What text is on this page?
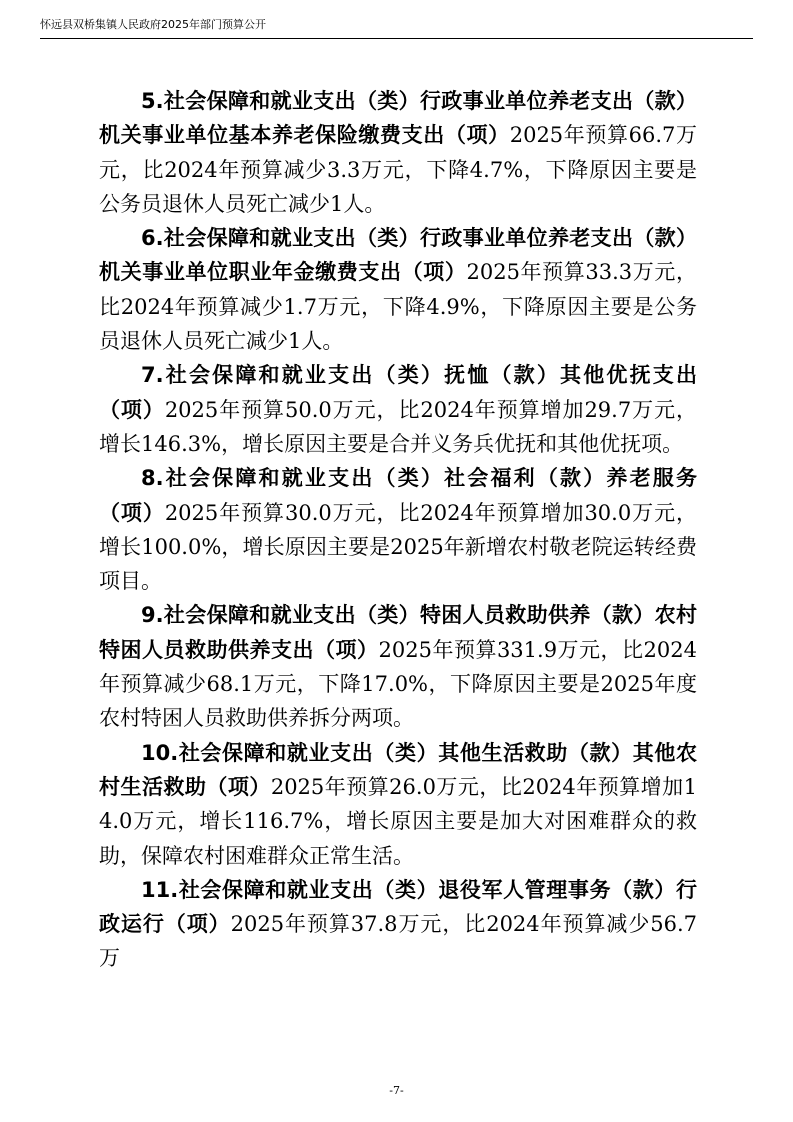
怀远县双桥集镇人民政府2025年部门预算公开

5.社会保障和就业支出（类）行政事业单位养老支出（款）机关事业单位基本养老保险缴费支出（项）2025年预算66.7万元，比2024年预算减少3.3万元，下降4.7%，下降原因主要是公务员退休人员死亡减少1人。

6.社会保障和就业支出（类）行政事业单位养老支出（款）机关事业单位职业年金缴费支出（项）2025年预算33.3万元，比2024年预算减少1.7万元，下降4.9%，下降原因主要是公务员退休人员死亡减少1人。

7.社会保障和就业支出（类）抚恤（款）其他优抚支出（项）2025年预算50.0万元，比2024年预算增加29.7万元，增长146.3%，增长原因主要是合并义务兵优抚和其他优抚项。

8.社会保障和就业支出（类）社会福利（款）养老服务（项）2025年预算30.0万元，比2024年预算增加30.0万元，增长100.0%，增长原因主要是2025年新增农村敬老院运转经费项目。

9.社会保障和就业支出（类）特困人员救助供养（款）农村特困人员救助供养支出（项）2025年预算331.9万元，比2024年预算减少68.1万元，下降17.0%，下降原因主要是2025年度农村特困人员救助供养拆分两项。

10.社会保障和就业支出（类）其他生活救助（款）其他农村生活救助（项）2025年预算26.0万元，比2024年预算增加14.0万元，增长116.7%，增长原因主要是加大对困难群众的救助，保障农村困难群众正常生活。

11.社会保障和就业支出（类）退役军人管理事务（款）行政运行（项）2025年预算37.8万元，比2024年预算减少56.7万

-7-
